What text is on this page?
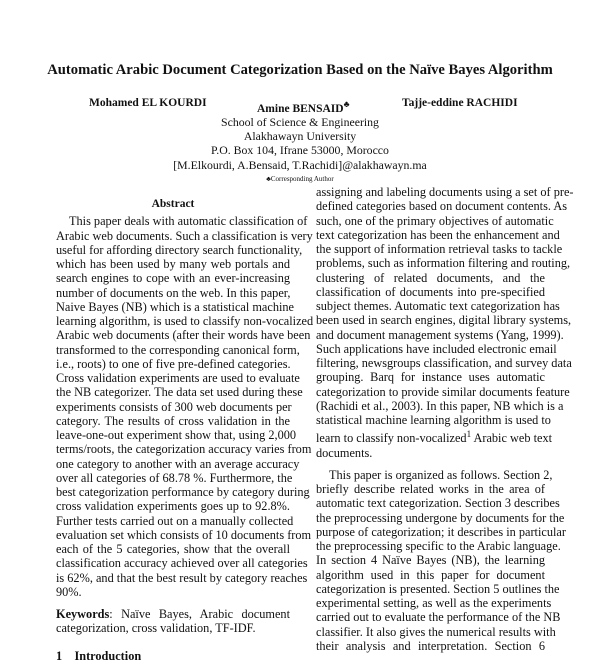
Automatic Arabic Document Categorization Based on the Naïve Bayes Algorithm
Mohamed EL KOURDI	Amine BENSAID♣	Tajje-eddine RACHIDI
School of Science & Engineering
Alakhawayn University
P.O. Box 104, Ifrane 53000, Morocco
[M.Elkourdi, A.Bensaid, T.Rachidi]@alakhawayn.ma
♣Corresponding Author
Abstract
This paper deals with automatic classification of
Arabic web documents. Such a classification is very
useful for affording directory search functionality,
which has been used by many web portals and
search engines to cope with an ever-increasing
number of documents on the web. In this paper,
Naive Bayes (NB) which is a statistical machine
learning algorithm, is used to classify non-vocalized
Arabic web documents (after their words have been
transformed to the corresponding canonical form,
i.e., roots) to one of five pre-defined categories.
Cross validation experiments are used to evaluate
the NB categorizer. The data set used during these
experiments consists of 300 web documents per
category. The results of cross validation in the
leave-one-out experiment show that, using 2,000
terms/roots, the categorization accuracy varies from
one category to another with an average accuracy
over all categories of 68.78 %. Furthermore, the
best categorization performance by category during
cross validation experiments goes up to 92.8%.
Further tests carried out on a manually collected
evaluation set which consists of 10 documents from
each of the 5 categories, show that the overall
classification accuracy achieved over all categories
is 62%, and that the best result by category reaches
90%.
Keywords: Naïve Bayes, Arabic document
categorization, cross validation, TF-IDF.
1    Introduction
assigning and labeling documents using a set of pre-
defined categories based on document contents. As
such, one of the primary objectives of automatic
text categorization has been the enhancement and
the support of information retrieval tasks to tackle
problems, such as information filtering and routing,
clustering of related documents, and the
classification of documents into pre-specified
subject themes. Automatic text categorization has
been used in search engines, digital library systems,
and document management systems (Yang, 1999).
Such applications have included electronic email
filtering, newsgroups classification, and survey data
grouping. Barq for instance uses automatic
categorization to provide similar documents feature
(Rachidi et al., 2003). In this paper, NB which is a
statistical machine learning algorithm is used to
learn to classify non-vocalized$^1$ Arabic web text
documents.
This paper is organized as follows. Section 2,
briefly describe related works in the area of
automatic text categorization. Section 3 describes
the preprocessing undergone by documents for the
purpose of categorization; it describes in particular
the preprocessing specific to the Arabic language.
In section 4 Naïve Bayes (NB), the learning
algorithm used in this paper for document
categorization is presented. Section 5 outlines the
experimental setting, as well as the experiments
carried out to evaluate the performance of the NB
classifier. It also gives the numerical results with
their analysis and interpretation. Section 6
